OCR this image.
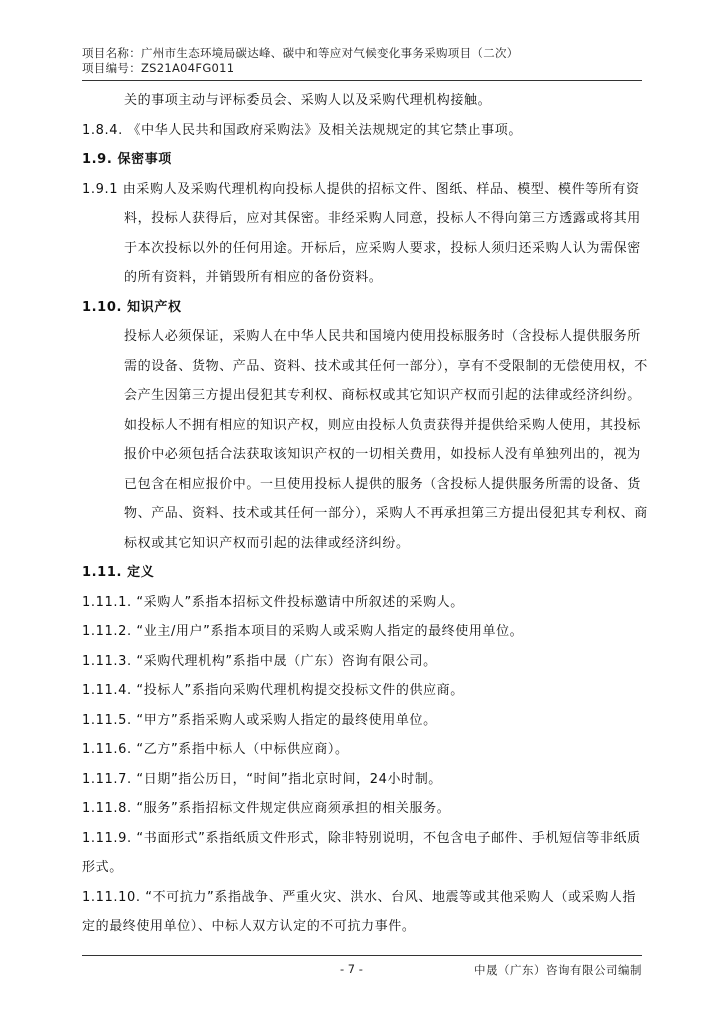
项目名称：广州市生态环境局碳达峰、碳中和等应对气候变化事务采购项目（二次）
项目编号：ZS21A04FG011

关的事项主动与评标委员会、采购人以及采购代理机构接触。

1.8.4. 《中华人民共和国政府采购法》及相关法规规定的其它禁止事项。

1.9. 保密事项

1.9.1 由采购人及采购代理机构向投标人提供的招标文件、图纸、样品、模型、模件等所有资料，投标人获得后，应对其保密。非经采购人同意，投标人不得向第三方透露或将其用于本次投标以外的任何用途。开标后，应采购人要求，投标人须归还采购人认为需保密的所有资料，并销毁所有相应的备份资料。

1.10. 知识产权

投标人必须保证，采购人在中华人民共和国境内使用投标服务时（含投标人提供服务所需的设备、货物、产品、资料、技术或其任何一部分），享有不受限制的无偿使用权，不会产生因第三方提出侵犯其专利权、商标权或其它知识产权而引起的法律或经济纠纷。如投标人不拥有相应的知识产权，则应由投标人负责获得并提供给采购人使用，其投标报价中必须包括合法获取该知识产权的一切相关费用，如投标人没有单独列出的，视为已包含在相应报价中。一旦使用投标人提供的服务（含投标人提供服务所需的设备、货物、产品、资料、技术或其任何一部分），采购人不再承担第三方提出侵犯其专利权、商标权或其它知识产权而引起的法律或经济纠纷。

1.11. 定义

1.11.1. “采购人”系指本招标文件投标邀请中所叙述的采购人。

1.11.2. “业主/用户”系指本项目的采购人或采购人指定的最终使用单位。

1.11.3. “采购代理机构”系指中晟（广东）咨询有限公司。

1.11.4. “投标人”系指向采购代理机构提交投标文件的供应商。

1.11.5. “甲方”系指采购人或采购人指定的最终使用单位。

1.11.6. “乙方”系指中标人（中标供应商）。

1.11.7. “日期”指公历日，“时间”指北京时间，24小时制。

1.11.8. “服务”系指招标文件规定供应商须承担的相关服务。

1.11.9. “书面形式”系指纸质文件形式，除非特别说明，不包含电子邮件、手机短信等非纸质形式。

1.11.10. “不可抗力”系指战争、严重火灾、洪水、台风、地震等或其他采购人（或采购人指定的最终使用单位）、中标人双方认定的不可抗力事件。

- 7 -	中晟（广东）咨询有限公司编制
